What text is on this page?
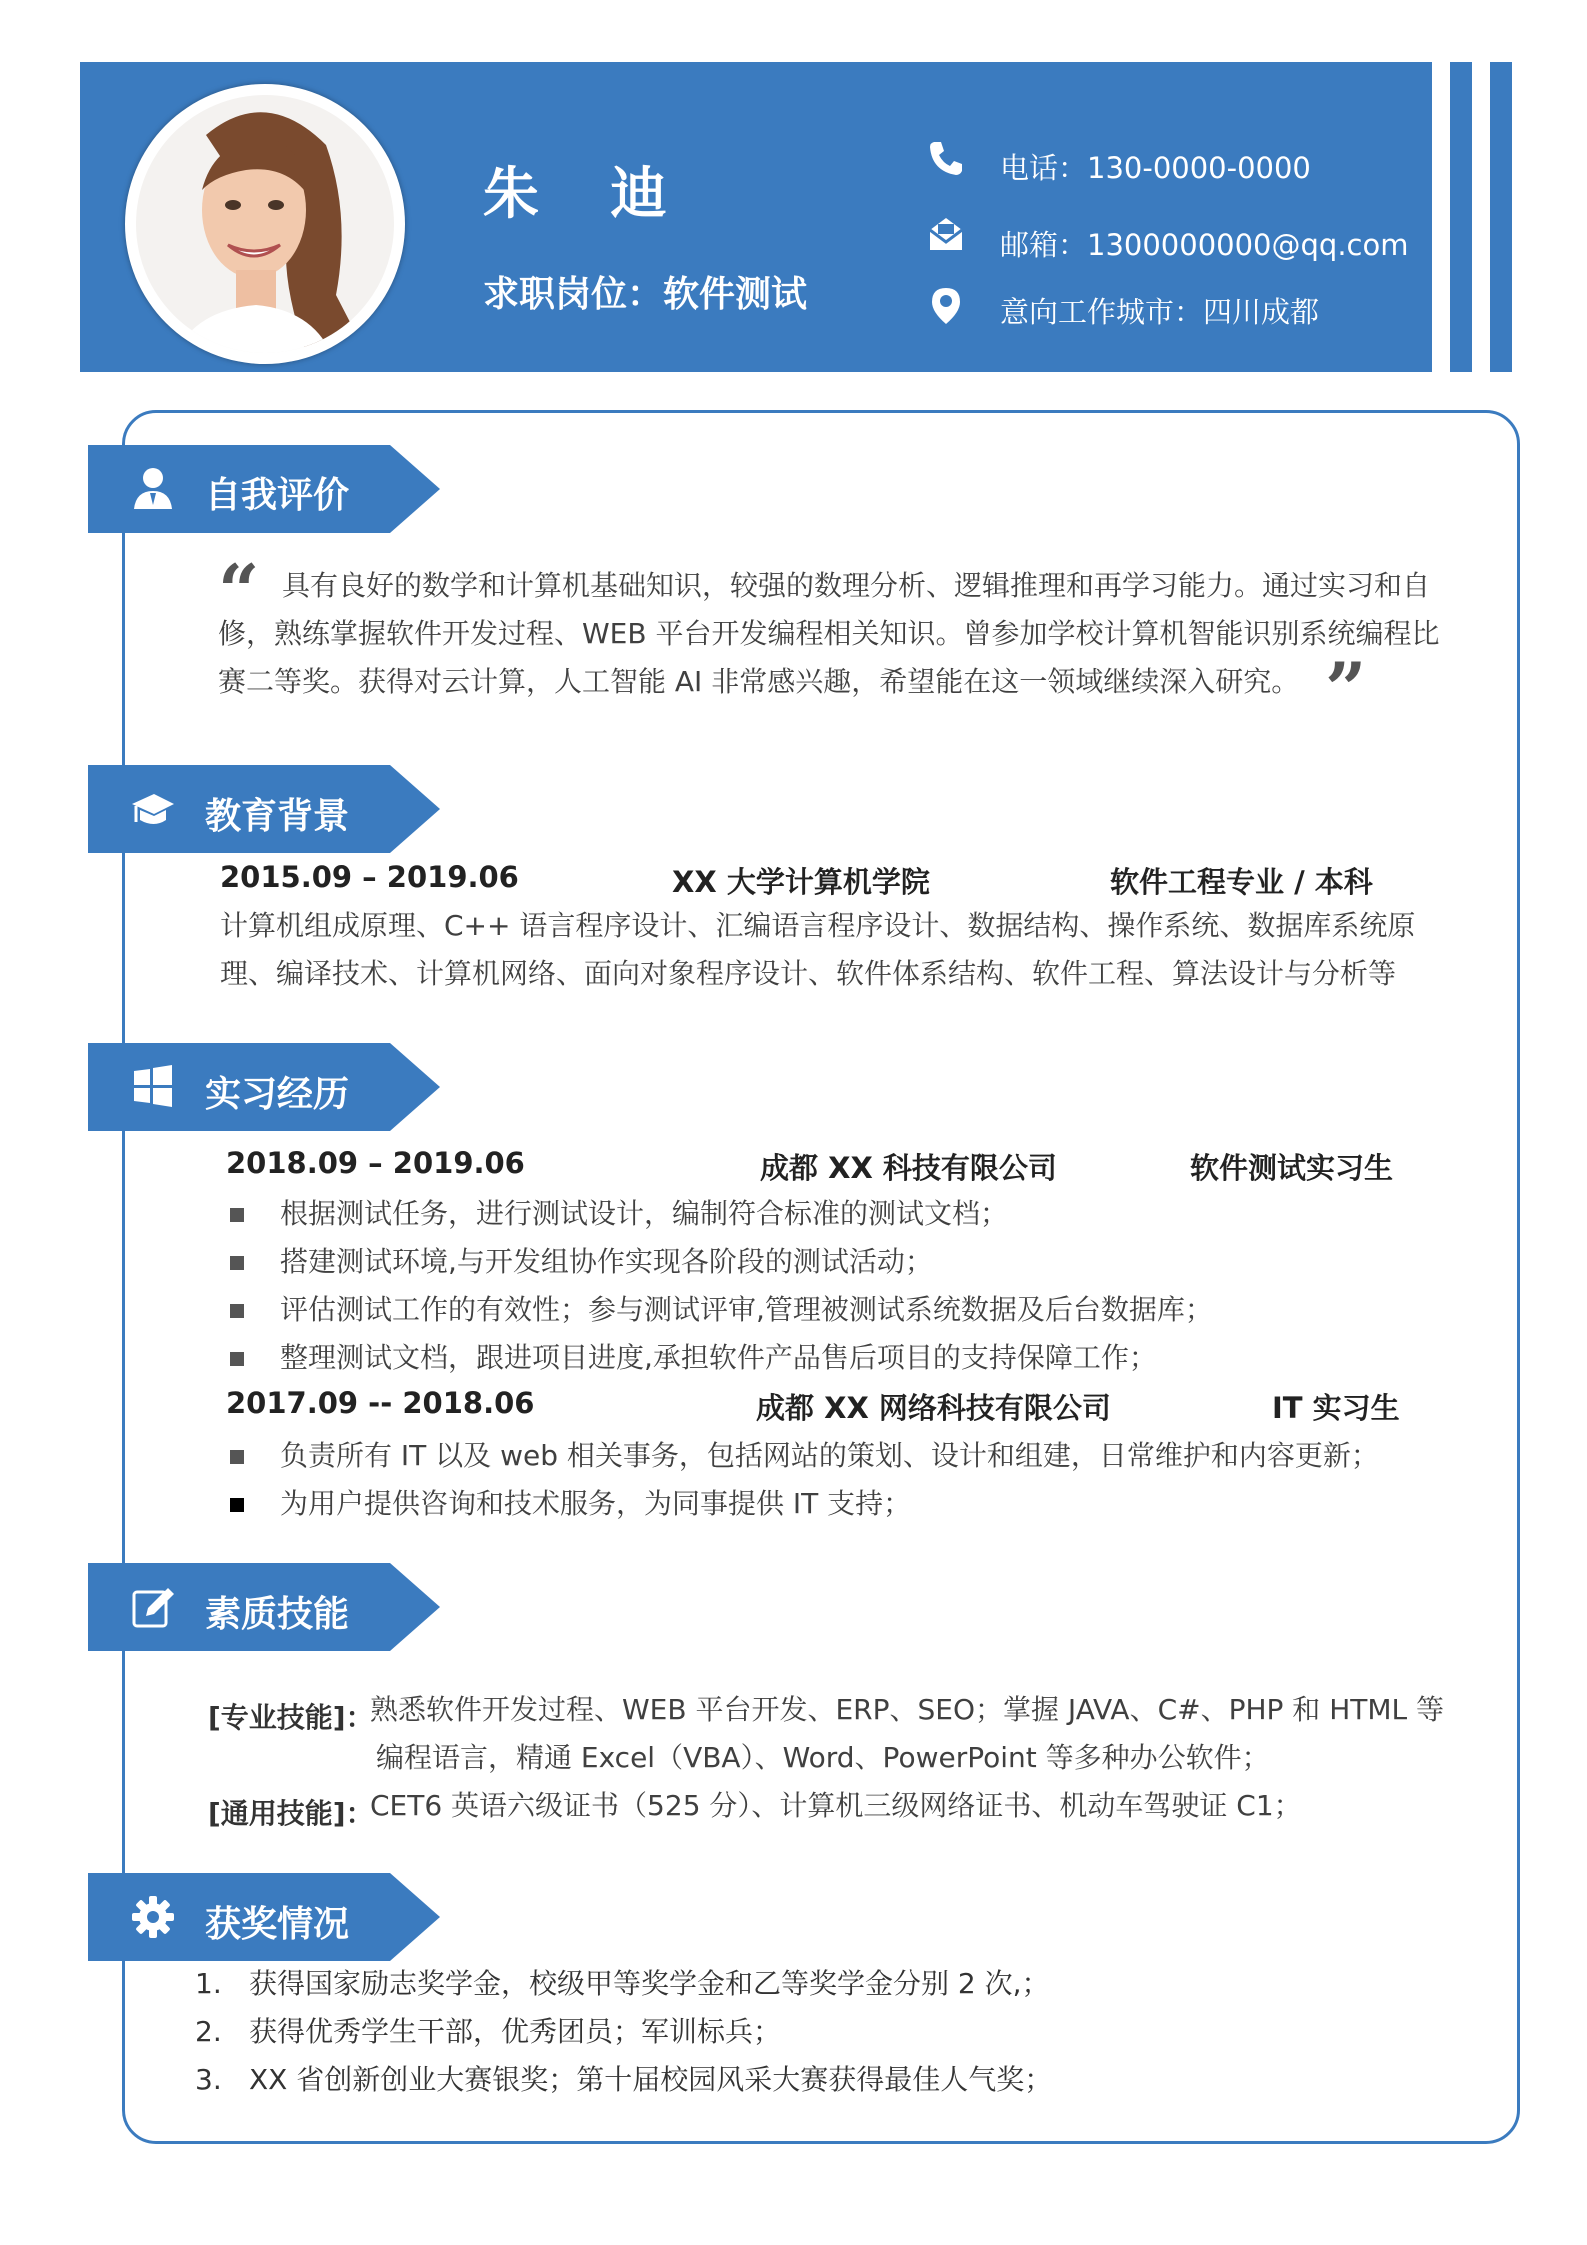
朱 迪
求职岗位：软件测试
电话：130-0000-0000
邮箱：1300000000@qq.com
意向工作城市：四川成都
自我评价
“ 具有良好的数学和计算机基础知识，较强的数理分析、逻辑推理和再学习能力。通过实习和自
修，熟练掌握软件开发过程、WEB 平台开发编程相关知识。曾参加学校计算机智能识别系统编程比
赛二等奖。获得对云计算，人工智能 AI 非常感兴趣，希望能在这一领域继续深入研究。 ”
教育背景
2015.09 – 2019.06	XX 大学计算机学院	软件工程专业 / 本科
计算机组成原理、C++ 语言程序设计、汇编语言程序设计、数据结构、操作系统、数据库系统原
理、编译技术、计算机网络、面向对象程序设计、软件体系结构、软件工程、算法设计与分析等
实习经历
2018.09 – 2019.06	成都 XX 科技有限公司	软件测试实习生
根据测试任务，进行测试设计，编制符合标准的测试文档；
搭建测试环境,与开发组协作实现各阶段的测试活动；
评估测试工作的有效性；参与测试评审,管理被测试系统数据及后台数据库；
整理测试文档，跟进项目进度,承担软件产品售后项目的支持保障工作；
2017.09 -- 2018.06	成都 XX 网络科技有限公司	IT 实习生
负责所有 IT 以及 web 相关事务，包括网站的策划、设计和组建，日常维护和内容更新；
为用户提供咨询和技术服务，为同事提供 IT 支持；
素质技能
[专业技能]：
熟悉软件开发过程、WEB 平台开发、ERP、SEO；掌握 JAVA、C#、PHP 和 HTML 等
编程语言，精通 Excel（VBA）、Word、PowerPoint 等多种办公软件；
[通用技能]：
CET6 英语六级证书（525 分）、计算机三级网络证书、机动车驾驶证 C1；
获奖情况
1. 获得国家励志奖学金，校级甲等奖学金和乙等奖学金分别 2 次,；
2. 获得优秀学生干部，优秀团员；军训标兵；
3. XX 省创新创业大赛银奖；第十届校园风采大赛获得最佳人气奖；
